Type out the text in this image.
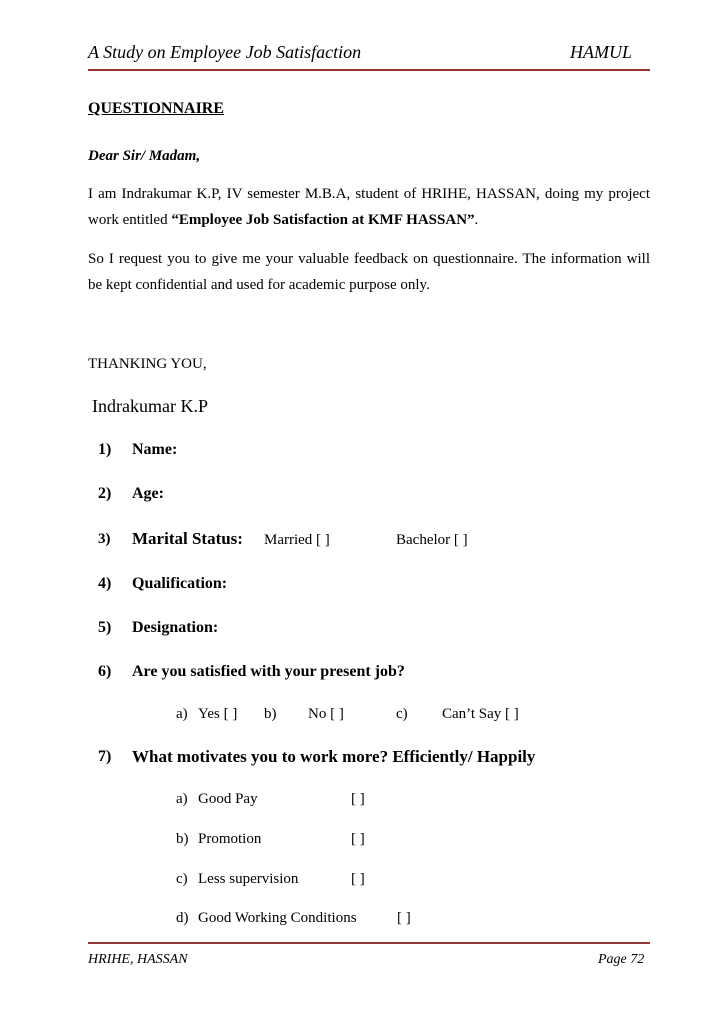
A Study on Employee Job Satisfaction	HAMUL
QUESTIONNAIRE
Dear Sir/ Madam,
I am Indrakumar K.P, IV semester M.B.A, student of HRIHE, HASSAN, doing my project work entitled “Employee Job Satisfaction at KMF HASSAN”.
So I request you to give me your valuable feedback on questionnaire. The information will be kept confidential and used for academic purpose only.
THANKING YOU,
Indrakumar K.P
1) Name:
2) Age:
3) Marital Status: Married [ ]	Bachelor [ ]
4) Qualification:
5) Designation:
6) Are you satisfied with your present job?
a) Yes [ ] b) No [ ]	c) Can’t Say [ ]
7) What motivates you to work more? Efficiently/ Happily
a) Good Pay	[ ]
b) Promotion	[ ]
c) Less supervision	[ ]
d) Good Working Conditions	[ ]
HRIHE, HASSAN	Page 72
